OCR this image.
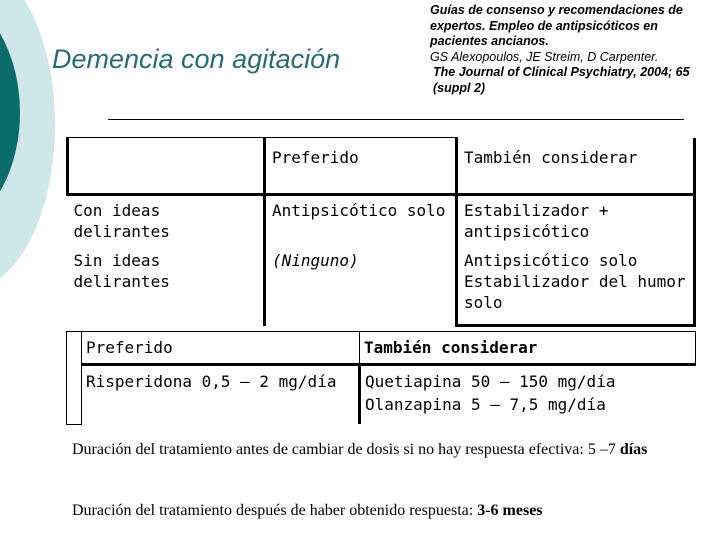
Demencia con agitación
Guías de consenso y recomendaciones de expertos. Empleo de antipsicóticos en pacientes ancianos.
GS Alexopoulos, JE Streim, D Carpenter.
The Journal of Clinical Psychiatry, 2004; 65 (suppl 2)
	Preferido	También considerar
Con ideas delirantes	Antipsicótico solo	Estabilizador + antipsicótico
Sin ideas delirantes	(Ninguno)	Antipsicótico solo
Estabilizador del humor solo
	Preferido	También considerar
	Risperidona 0,5 – 2 mg/día	Quetiapina 50 – 150 mg/día
Olanzapina 5 – 7,5 mg/día
Duración del tratamiento antes de cambiar de dosis si no hay respuesta efectiva: 5 –7 días
Duración del tratamiento después de haber obtenido respuesta: 3-6 meses
